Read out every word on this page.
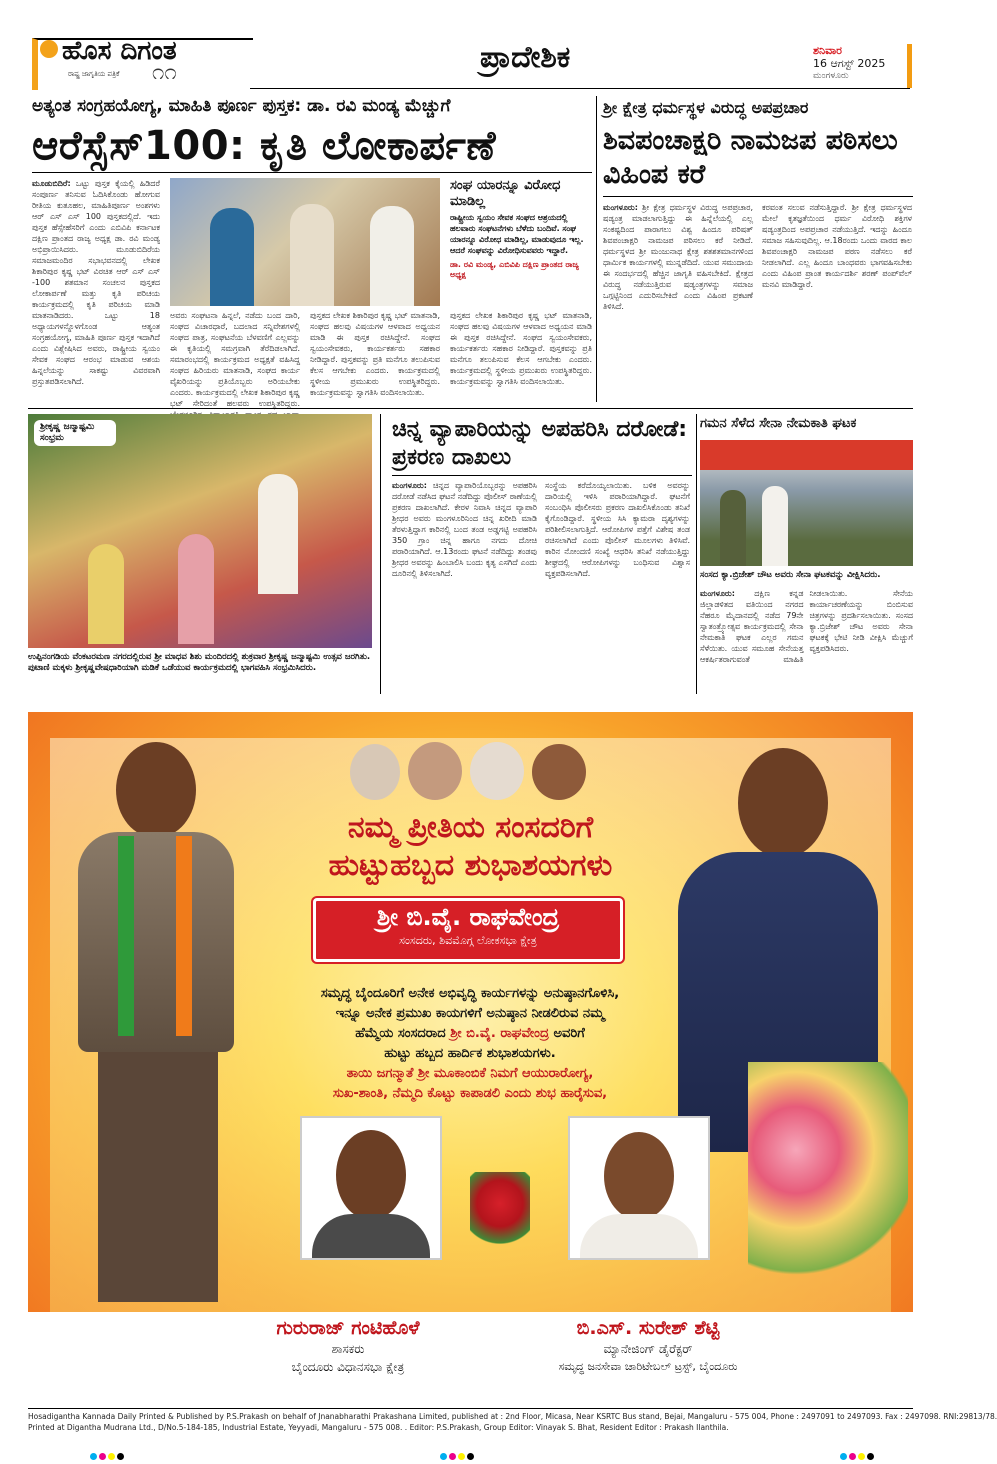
ಹೊಸ ದಿಗಂತ
ರಾಷ್ಟ್ರ ಜಾಗೃತಿಯ ಪತ್ರಿಕೆ ೧೧	ಪ್ರಾದೇಶಿಕ	ಶನಿವಾರ
16 ಆಗಸ್ಟ್ 2025
ಮಂಗಳೂರು
ಅತ್ಯಂತ ಸಂಗ್ರಹಯೋಗ್ಯ, ಮಾಹಿತಿ ಪೂರ್ಣ ಪುಸ್ತಕ: ಡಾ. ರವಿ ಮಂಡ್ಯ ಮೆಚ್ಚುಗೆ
ಆರೆಸ್ಸೆಸ್100: ಕೃತಿ ಲೋಕಾರ್ಪಣೆ
ಮೂಡುಬಿದಿರೆ: ಒಟ್ಟು ಪುಸ್ತಕ ಕೈಯಲ್ಲಿ ಹಿಡಿದರೆ ಸಂಪೂರ್ಣ ತನಿಸುವ ಓದಿಸಿಕೊಂಡು ಹೋಗುವ ರೀತಿಯ ಕುತೂಹಲ, ಮಾಹಿತಿಪೂರ್ಣ ಅಂಶಗಳು ಆರ್ ಎಸ್ ಎಸ್ 100 ಪುಸ್ತಕದಲ್ಲಿದೆ. ಇದು ಪುಸ್ತಕ ಹೆಸ್ಸೇಹೆಸರಿಗೆ ಎಂದು ಎಬಿವಿಪಿ ಕರ್ನಾಟಕ ದಕ್ಷಿಣ ಪ್ರಾಂತದ ರಾಜ್ಯ ಅಧ್ಯಕ್ಷ ಡಾ. ರವಿ ಮಂಡ್ಯ ಅಭಿಪ್ರಾಯಿಸಿದರು. ಮೂಡುಬಿದಿರೆಯ ಸಮಾಜಮಂದಿರ ಸಭಾಭವನದಲ್ಲಿ ಲೇಖಕ ಶಿಕಾರಿಪುರ ಕೃಷ್ಣ ಭಟ್ ವಿರಚಿತ ಆರ್ ಎಸ್ ಎಸ್ -100 ಶತಮಾನ ಸಂಚಲನ ಪುಸ್ತಕದ ಲೋಕಾರ್ಪಣೆ ಮತ್ತು ಕೃತಿ ಪರಿಚಯ ಕಾರ್ಯಕ್ರಮದಲ್ಲಿ ಕೃತಿ ಪರಿಚಯ ಮಾಡಿ ಮಾತನಾಡಿದರು. ಒಟ್ಟು 18 ಅಧ್ಯಾಯಗಳನ್ನೊಳಗೊಂಡ ಆತ್ಯಂತ ಸಂಗ್ರಹಯೋಗ್ಯ, ಮಾಹಿತಿ ಪೂರ್ಣ ಪುಸ್ತಕ ಇದಾಗಿದೆ ಎಂದು ವಿಶ್ಲೇಷಿಸಿದ ಅವರು, ರಾಷ್ಟ್ರೀಯ ಸ್ವಯಂ ಸೇವಕ ಸಂಘದ ಆರಂಭ ಮಾಡುವ ಆಶಯ ಹಿನ್ನಲೆಯನ್ನು ಸಾಕಷ್ಟು ವಿವರವಾಗಿ ಪ್ರಸ್ತುತಪಡಿಸಲಾಗಿದೆ.
ಸಂಘ ಯಾರನ್ನೂ ವಿರೋಧ ಮಾಡಿಲ್ಲ
ರಾಷ್ಟ್ರೀಯ ಸ್ವಯಂ ಸೇವಕ ಸಂಘದ ಆಶ್ರಯದಲ್ಲಿ ಹಲವಾರು ಸಂಘಟನೆಗಳು ಬೆಳೆದು ಬಂದಿವೆ. ಸಂಘ ಯಾರನ್ನೂ ವಿರೋಧ ಮಾಡಿಲ್ಲ, ಮಾಡುವುದೂ ಇಲ್ಲ. ಆದರೆ ಸಂಘವನ್ನು ವಿರೋಧಿಸುವವರು ಇದ್ದಾರೆ.
ಡಾ. ರವಿ ಮಂಡ್ಯ, ಎಬಿವಿಪಿ ದಕ್ಷಿಣ ಪ್ರಾಂತದ ರಾಜ್ಯ ಅಧ್ಯಕ್ಷ
ಅವರು ಸಂಘಟನಾ ಹಿನ್ನಲೆ, ನಡೆದು ಬಂದ ದಾರಿ, ಸಂಘದ ವಿಚಾರಧಾರೆ, ಬದಲಾದ ಸನ್ನಿವೇಶಗಳಲ್ಲಿ ಸಂಘದ ಪಾತ್ರ, ಸಂಘಟನೆಯ ಬೆಳವಣಿಗೆ ಎಲ್ಲವನ್ನು ಈ ಕೃತಿಯಲ್ಲಿ ಸಮಗ್ರವಾಗಿ ತೆರೆದಿಡಲಾಗಿದೆ. ಸಮಾರಂಭದಲ್ಲಿ ಕಾರ್ಯಕ್ರಮದ ಅಧ್ಯಕ್ಷತೆ ವಹಿಸಿದ್ದ ಸಂಘದ ಹಿರಿಯರು ಮಾತನಾಡಿ, ಸಂಘದ ಕಾರ್ಯ ವೈಖರಿಯನ್ನು ಪ್ರತಿಯೊಬ್ಬರು ಅರಿಯಬೇಕು ಎಂದರು. ಕಾರ್ಯಕ್ರಮದಲ್ಲಿ ಲೇಖಕ ಶಿಕಾರಿಪುರ ಕೃಷ್ಣ ಭಟ್ ಸೇರಿದಂತೆ ಹಲವರು ಉಪಸ್ಥಿತರಿದ್ದರು.
ಪುಸ್ತಕದ ಲೇಖಕ ಶಿಕಾರಿಪುರ ಕೃಷ್ಣ ಭಟ್ ಮಾತನಾಡಿ, ಸಂಘದ ಹಲವು ವಿಷಯಗಳ ಆಳವಾದ ಅಧ್ಯಯನ ಮಾಡಿ ಈ ಪುಸ್ತಕ ರಚಿಸಿದ್ದೇನೆ. ಸಂಘದ ಸ್ವಯಂಸೇವಕರು, ಕಾರ್ಯಕರ್ತರು ಸಹಕಾರ ನೀಡಿದ್ದಾರೆ. ಪುಸ್ತಕವನ್ನು ಪ್ರತಿ ಮನೆಗೂ ತಲುಪಿಸುವ ಕೆಲಸ ಆಗಬೇಕು ಎಂದರು. ಕಾರ್ಯಕ್ರಮದಲ್ಲಿ ಸ್ಥಳೀಯ ಪ್ರಮುಖರು ಉಪಸ್ಥಿತರಿದ್ದರು. ಕಾರ್ಯಕ್ರಮವನ್ನು ಸ್ವಾಗತಿಸಿ ವಂದಿಸಲಾಯಿತು.
ಪುಸ್ತಕದ ಲೇಖಕ ಶಿಕಾರಿಪುರ ಕೃಷ್ಣ ಭಟ್ ಮಾತನಾಡಿ, ಸಂಘದ ಹಲವು ವಿಷಯಗಳ ಆಳವಾದ ಅಧ್ಯಯನ ಮಾಡಿ ಈ ಪುಸ್ತಕ ರಚಿಸಿದ್ದೇನೆ. ಸಂಘದ ಸ್ವಯಂಸೇವಕರು, ಕಾರ್ಯಕರ್ತರು ಸಹಕಾರ ನೀಡಿದ್ದಾರೆ. ಪುಸ್ತಕವನ್ನು ಪ್ರತಿ ಮನೆಗೂ ತಲುಪಿಸುವ ಕೆಲಸ ಆಗಬೇಕು ಎಂದರು. ಕಾರ್ಯಕ್ರಮದಲ್ಲಿ ಸ್ಥಳೀಯ ಪ್ರಮುಖರು ಉಪಸ್ಥಿತರಿದ್ದರು. ಕಾರ್ಯಕ್ರಮವನ್ನು ಸ್ವಾಗತಿಸಿ ವಂದಿಸಲಾಯಿತು.
ಶ್ರೀ ಕ್ಷೇತ್ರ ಧರ್ಮಸ್ಥಳ ವಿರುದ್ಧ ಅಪಪ್ರಚಾರ
ಶಿವಪಂಚಾಕ್ಷರಿ ನಾಮಜಪ ಪಠಿಸಲು ವಿಹಿಂಪ ಕರೆ
ಮಂಗಳೂರು: ಶ್ರೀ ಕ್ಷೇತ್ರ ಧರ್ಮಸ್ಥಳ ವಿರುದ್ಧ ಅಪಪ್ರಚಾರ, ಷಡ್ಯಂತ್ರ ಮಾಡಲಾಗುತ್ತಿದ್ದು ಈ ಹಿನ್ನೆಲೆಯಲ್ಲಿ ಎಲ್ಲ ಸಂಕಷ್ಟದಿಂದ ಪಾರಾಗಲು ವಿಶ್ವ ಹಿಂದೂ ಪರಿಷತ್ ಶಿವಪಂಚಾಕ್ಷರಿ ನಾಮಜಪ ಪಠಿಸಲು ಕರೆ ನೀಡಿದೆ. ಧರ್ಮಸ್ಥಳದ ಶ್ರೀ ಮಂಜುನಾಥ ಕ್ಷೇತ್ರ ಶತಶತಮಾನಗಳಿಂದ ಧಾರ್ಮಿಕ ಕಾರ್ಯಗಳಲ್ಲಿ ಮುನ್ನಡೆದಿದೆ. ಯುವ ಸಮುದಾಯ ಈ ಸಂದರ್ಭದಲ್ಲಿ ಹೆಚ್ಚಿನ ಜಾಗೃತಿ ವಹಿಸಬೇಕಿದೆ. ಕ್ಷೇತ್ರದ ವಿರುದ್ಧ ನಡೆಯುತ್ತಿರುವ ಷಡ್ಯಂತ್ರಗಳನ್ನು ಸಮಾಜ ಒಗ್ಗಟ್ಟಿನಿಂದ ಎದುರಿಸಬೇಕಿದೆ ಎಂದು ವಿಹಿಂಪ ಪ್ರಕಟಣೆ ತಿಳಿಸಿದೆ.
ಕರವಂತ ಸಲುವ ನಡೆಸುತ್ತಿದ್ದಾರೆ. ಶ್ರೀ ಕ್ಷೇತ್ರ ಧರ್ಮಸ್ಥಳದ ಮೇಲೆ ಕೃತಜ್ಞತೆಯಿಂದ ಧರ್ಮ ವಿರೋಧಿ ಶಕ್ತಿಗಳ ಷಡ್ಯಂತ್ರದಿಂದ ಅಪಪ್ರಚಾರ ನಡೆಯುತ್ತಿದೆ. ಇದನ್ನು ಹಿಂದೂ ಸಮಾಜ ಸಹಿಸುವುದಿಲ್ಲ. ಆ.18ರಂದು ಒಂದು ವಾರದ ಕಾಲ ಶಿವಪಂಚಾಕ್ಷರಿ ನಾಮಜಪ ಪಠಣ ನಡೆಸಲು ಕರೆ ನೀಡಲಾಗಿದೆ. ಎಲ್ಲ ಹಿಂದೂ ಬಾಂಧವರು ಭಾಗವಹಿಸಬೇಕು ಎಂದು ವಿಹಿಂಪ ಪ್ರಾಂತ ಕಾರ್ಯದರ್ಶಿ ಶರಣ್ ಪಂಪ್‌ವೆಲ್ ಮನವಿ ಮಾಡಿದ್ದಾರೆ.
ಶ್ರೀಕೃಷ್ಣ ಜನ್ಮಾಷ್ಟಮಿ ಸಂಭ್ರಮ
ಉಪ್ಪಿನಂಗಡಿಯ ವೆಂಕಟರಮಣ ನಗರದಲ್ಲಿರುವ ಶ್ರೀ ಮಾಧವ ಶಿಶು ಮಂದಿರದಲ್ಲಿ ಶುಕ್ರವಾರ ಶ್ರೀಕೃಷ್ಣ ಜನ್ಮಾಷ್ಟಮಿ ಉತ್ಸವ ಜರಗಿತು. ಪುಟಾಣಿ ಮಕ್ಕಳು ಶ್ರೀಕೃಷ್ಣವೇಷಧಾರಿಯಾಗಿ ಮಡಿಕೆ ಒಡೆಯುವ ಕಾರ್ಯಕ್ರಮದಲ್ಲಿ ಭಾಗವಹಿಸಿ ಸಂಭ್ರಮಿಸಿದರು.
ಚಿನ್ನ ವ್ಯಾಪಾರಿಯನ್ನು ಅಪಹರಿಸಿ ದರೋಡೆ: ಪ್ರಕರಣ ದಾಖಲು
ಮಂಗಳೂರು: ಚಿನ್ನದ ವ್ಯಾಪಾರಿಯೊಬ್ಬರನ್ನು ಅಪಹರಿಸಿ ದರೋಡೆ ನಡೆಸಿದ ಘಟನೆ ನಡೆದಿದ್ದು ಪೊಲೀಸ್ ಠಾಣೆಯಲ್ಲಿ ಪ್ರಕರಣ ದಾಖಲಾಗಿದೆ. ಕೇರಳ ನಿವಾಸಿ ಚಿನ್ನದ ವ್ಯಾಪಾರಿ ಶ್ರೀಧರ ಅವರು ಮಂಗಳೂರಿನಿಂದ ಚಿನ್ನ ಖರೀದಿ ಮಾಡಿ ತೆರಳುತ್ತಿದ್ದಾಗ ಕಾರಿನಲ್ಲಿ ಬಂದ ತಂಡ ಅಡ್ಡಗಟ್ಟಿ ಅಪಹರಿಸಿ 350 ಗ್ರಾಂ ಚಿನ್ನ ಹಾಗೂ ನಗದು ದೋಚಿ ಪರಾರಿಯಾಗಿದೆ. ಆ.13ರಂದು ಘಟನೆ ನಡೆದಿದ್ದು ತಂಡವು ಶ್ರೀಧರ ಅವರನ್ನು ಹಿಂಬಾಲಿಸಿ ಬಂದು ಕೃತ್ಯ ಎಸಗಿದೆ ಎಂದು ದೂರಿನಲ್ಲಿ ತಿಳಿಸಲಾಗಿದೆ.
ಸಂಸ್ಥೆಯ ಕರೆದೊಯ್ಯಲಾಯಿತು. ಬಳಿಕ ಅವರನ್ನು ದಾರಿಯಲ್ಲಿ ಇಳಿಸಿ ಪರಾರಿಯಾಗಿದ್ದಾರೆ. ಘಟನೆಗೆ ಸಂಬಂಧಿಸಿ ಪೊಲೀಸರು ಪ್ರಕರಣ ದಾಖಲಿಸಿಕೊಂಡು ತನಿಖೆ ಕೈಗೊಂಡಿದ್ದಾರೆ. ಸ್ಥಳೀಯ ಸಿಸಿ ಕ್ಯಾಮರಾ ದೃಶ್ಯಗಳನ್ನು ಪರಿಶೀಲಿಸಲಾಗುತ್ತಿದೆ. ಆರೋಪಿಗಳ ಪತ್ತೆಗೆ ವಿಶೇಷ ತಂಡ ರಚಿಸಲಾಗಿದೆ ಎಂದು ಪೊಲೀಸ್ ಮೂಲಗಳು ತಿಳಿಸಿವೆ. ಕಾರಿನ ನೋಂದಣಿ ಸಂಖ್ಯೆ ಆಧರಿಸಿ ತನಿಖೆ ನಡೆಯುತ್ತಿದ್ದು ಶೀಘ್ರದಲ್ಲಿ ಆರೋಪಿಗಳನ್ನು ಬಂಧಿಸುವ ವಿಶ್ವಾಸ ವ್ಯಕ್ತಪಡಿಸಲಾಗಿದೆ.
ಗಮನ ಸೆಳೆದ ಸೇನಾ ನೇಮಕಾತಿ ಘಟಕ
ಸಂಸದ ಕ್ಯಾ.ಬ್ರಿಜೇಶ್ ಚೌಟ ಅವರು ಸೇನಾ ಘಟಕವನ್ನು ವೀಕ್ಷಿಸಿದರು.
ಮಂಗಳೂರು: ದಕ್ಷಿಣ ಕನ್ನಡ ಜಿಲ್ಲಾಡಳಿತದ ವತಿಯಿಂದ ನಗರದ ನೆಹರೂ ಮೈದಾನದಲ್ಲಿ ನಡೆದ 79ನೇ ಸ್ವಾತಂತ್ರ್ಯೋತ್ಸವ ಕಾರ್ಯಕ್ರಮದಲ್ಲಿ ಸೇನಾ ನೇಮಕಾತಿ ಘಟಕ ಎಲ್ಲರ ಗಮನ ಸೆಳೆಯಿತು. ಯುವ ಸಮೂಹ ಸೇನೆಯತ್ತ ಆಕರ್ಷಿತರಾಗುವಂತೆ ಮಾಹಿತಿ ನೀಡಲಾಯಿತು. ಸೇನೆಯ ಕಾರ್ಯಾಚರಣೆಯನ್ನು ಬಿಂಬಿಸುವ ಚಿತ್ರಗಳನ್ನು ಪ್ರದರ್ಶಿಸಲಾಯಿತು. ಸಂಸದ ಕ್ಯಾ.ಬ್ರಿಜೇಶ್ ಚೌಟ ಅವರು ಸೇನಾ ಘಟಕಕ್ಕೆ ಭೇಟಿ ನೀಡಿ ವೀಕ್ಷಿಸಿ ಮೆಚ್ಚುಗೆ ವ್ಯಕ್ತಪಡಿಸಿದರು.
ನಮ್ಮ ಪ್ರೀತಿಯ ಸಂಸದರಿಗೆ
ಹುಟ್ಟುಹಬ್ಬದ ಶುಭಾಶಯಗಳು
ಶ್ರೀ ಬಿ.ವೈ. ರಾಘವೇಂದ್ರ
ಸಂಸದರು, ಶಿವಮೊಗ್ಗ ಲೋಕಸಭಾ ಕ್ಷೇತ್ರ
ಸಮೃದ್ಧ ಬೈಂದೂರಿಗೆ ಅನೇಕ ಅಭಿವೃದ್ಧಿ ಕಾರ್ಯಗಳನ್ನು ಅನುಷ್ಠಾನಗೊಳಿಸಿ,
ಇನ್ನೂ ಅನೇಕ ಪ್ರಮುಖ ಕಾಯಗಳಿಗೆ ಅನುಷ್ಠಾನ ನೀಡಲಿರುವ ನಮ್ಮ
ಹೆಮ್ಮೆಯ ಸಂಸದರಾದ ಶ್ರೀ ಬಿ.ವೈ. ರಾಘವೇಂದ್ರ ಅವರಿಗೆ
ಹುಟ್ಟು ಹಬ್ಬದ ಹಾರ್ದಿಕ ಶುಭಾಶಯಗಳು.
ತಾಯಿ ಜಗನ್ಮಾತೆ ಶ್ರೀ ಮೂಕಾಂಬಿಕೆ ನಿಮಗೆ ಆಯುರಾರೋಗ್ಯ,
ಸುಖ-ಶಾಂತಿ, ನೆಮ್ಮದಿ ಕೊಟ್ಟು ಕಾಪಾಡಲಿ ಎಂದು ಶುಭ ಹಾರೈಸುವ,
ಗುರುರಾಜ್ ಗಂಟಿಹೊಳೆ
ಶಾಸಕರು
ಬೈಂದೂರು ವಿಧಾನಸಭಾ ಕ್ಷೇತ್ರ
ಬಿ.ಎಸ್. ಸುರೇಶ್ ಶೆಟ್ಟಿ
ಮ್ಯಾನೇಜಿಂಗ್ ಡೈರೆಕ್ಟರ್
ಸಮೃದ್ಧ ಜನಸೇವಾ ಚಾರಿಟೇಬಲ್ ಟ್ರಸ್ಟ್, ಬೈಂದೂರು
Hosadigantha Kannada Daily Printed & Published by P.S.Prakash on behalf of Jnanabharathi Prakashana Limited, published at : 2nd Floor, Micasa, Near KSRTC Bus stand, Bejai, Mangaluru - 575 004, Phone : 2497091 to 2497093. Fax : 2497098. RNI:29813/78.
Printed at Digantha Mudrana Ltd., D/No.5-184-185, Industrial Estate, Yeyyadi, Mangaluru - 575 008. . Editor: P.S.Prakash, Group Editor: Vinayak S. Bhat, Resident Editor : Prakash Ilanthila.
